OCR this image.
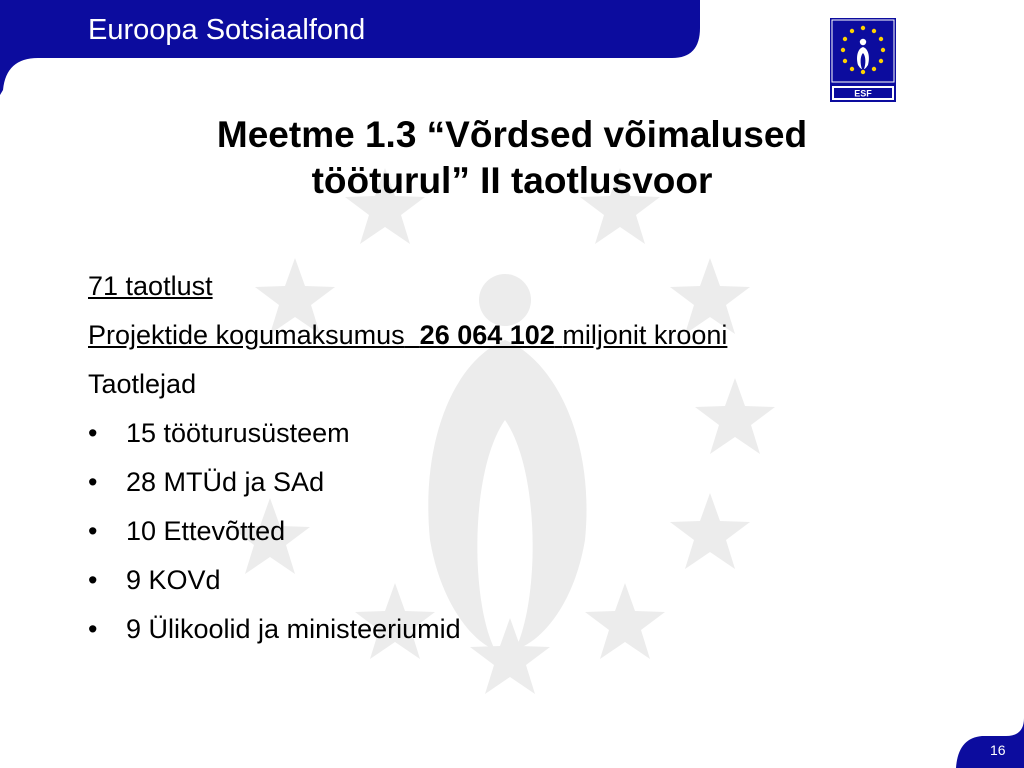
Euroopa Sotsiaalfond
ESF
Meetme 1.3 “Võrdsed võimalused
tööturul” II taotlusvoor
71 taotlust
Projektide kogumaksumus 26 064 102 miljonit krooni
Taotlejad
• 15 tööturusüsteem
• 28 MTÜd ja SAd
• 10 Ettevõtted
• 9 KOVd
• 9 Ülikoolid ja ministeeriumid
16
